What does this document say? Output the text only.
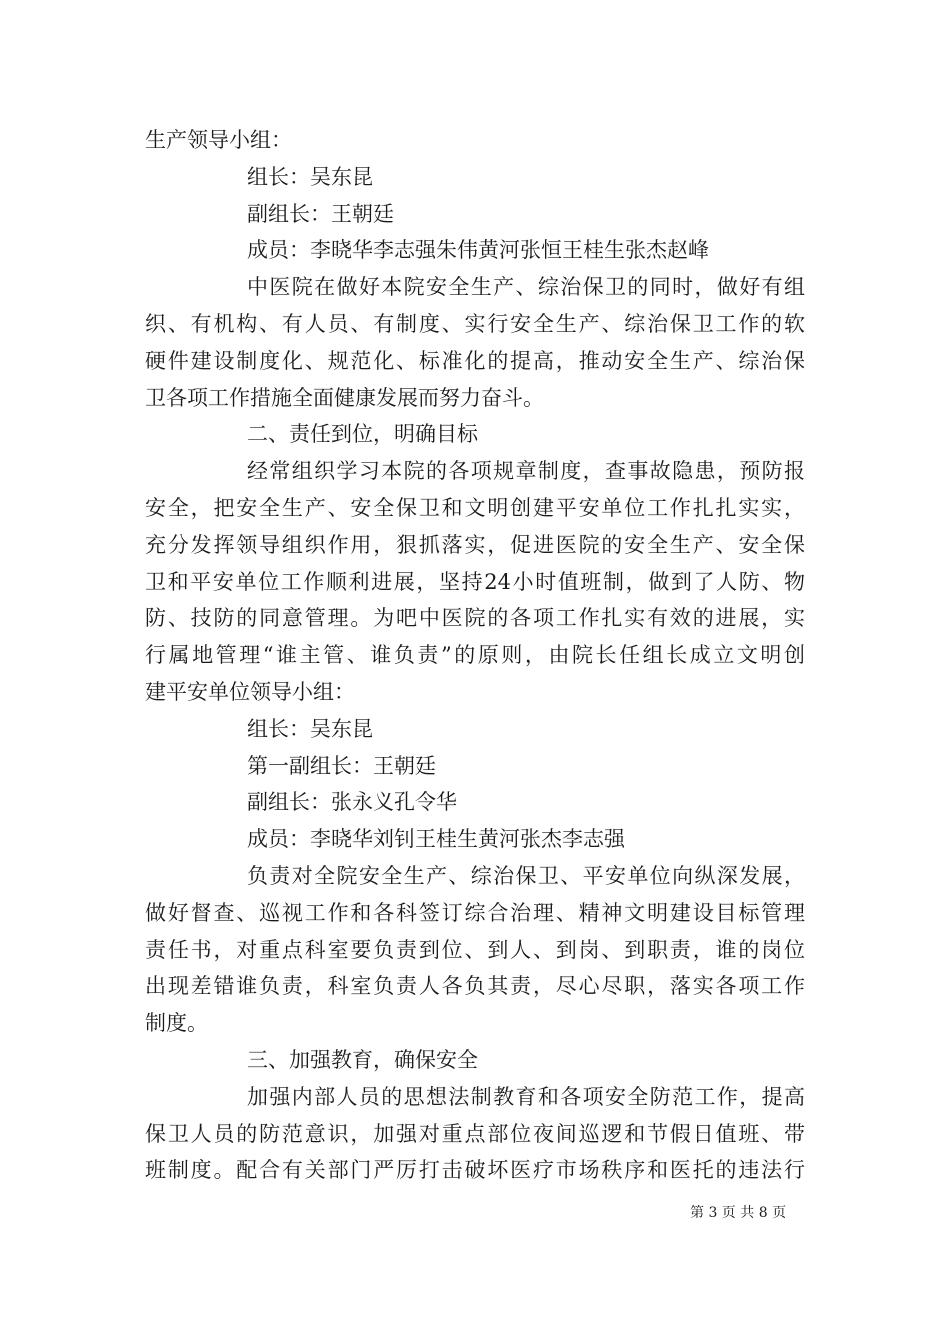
生产领导小组：
组长：吴东昆
副组长：王朝廷
成员：李晓华李志强朱伟黄河张恒王桂生张杰赵峰
中医院在做好本院安全生产、综治保卫的同时，做好有组
织、有机构、有人员、有制度、实行安全生产、综治保卫工作的软
硬件建设制度化、规范化、标准化的提高，推动安全生产、综治保
卫各项工作措施全面健康发展而努力奋斗。
二、责任到位，明确目标
经常组织学习本院的各项规章制度，查事故隐患，预防报
安全，把安全生产、安全保卫和文明创建平安单位工作扎扎实实，
充分发挥领导组织作用，狠抓落实，促进医院的安全生产、安全保
卫和平安单位工作顺利进展，坚持24小时值班制，做到了人防、物
防、技防的同意管理。为吧中医院的各项工作扎实有效的进展，实
行属地管理“谁主管、谁负责”的原则，由院长任组长成立文明创
建平安单位领导小组：
组长：吴东昆
第一副组长：王朝廷
副组长：张永义孔令华
成员：李晓华刘钊王桂生黄河张杰李志强
负责对全院安全生产、综治保卫、平安单位向纵深发展，
做好督查、巡视工作和各科签订综合治理、精神文明建设目标管理
责任书，对重点科室要负责到位、到人、到岗、到职责，谁的岗位
出现差错谁负责，科室负责人各负其责，尽心尽职，落实各项工作
制度。
三、加强教育，确保安全
加强内部人员的思想法制教育和各项安全防范工作，提高
保卫人员的防范意识，加强对重点部位夜间巡逻和节假日值班、带
班制度。配合有关部门严厉打击破坏医疗市场秩序和医托的违法行
第 3 页 共 8 页
